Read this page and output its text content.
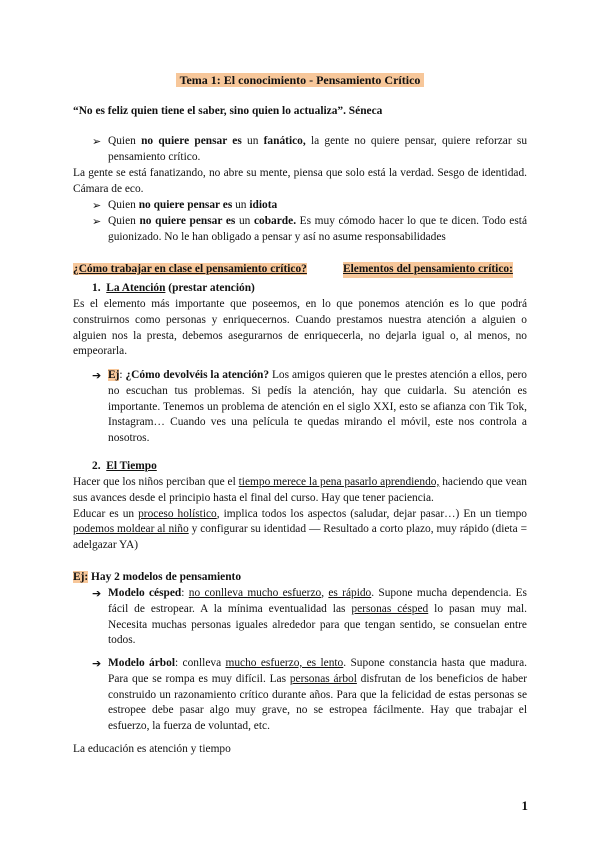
Tema 1: El conocimiento - Pensamiento Crítico
“No es feliz quien tiene el saber, sino quien lo actualiza”. Séneca
➢ Quien no quiere pensar es un fanático, la gente no quiere pensar, quiere reforzar su pensamiento crítico.
La gente se está fanatizando, no abre su mente, piensa que solo está la verdad. Sesgo de identidad. Cámara de eco.
➢ Quien no quiere pensar es un idiota
➢ Quien no quiere pensar es un cobarde. Es muy cómodo hacer lo que te dicen. Todo está guionizado. No le han obligado a pensar y así no asume responsabilidades
¿Cómo trabajar en clase el pensamiento crítico?	Elementos del pensamiento crítico:
1. La Atención (prestar atención)
Es el elemento más importante que poseemos, en lo que ponemos atención es lo que podrá construirnos como personas y enriquecernos. Cuando prestamos nuestra atención a alguien o alguien nos la presta, debemos asegurarnos de enriquecerla, no dejarla igual o, al menos, no empeorarla.
➔ Ej: ¿Cómo devolvéis la atención? Los amigos quieren que le prestes atención a ellos, pero no escuchan tus problemas. Si pedís la atención, hay que cuidarla. Su atención es importante. Tenemos un problema de atención en el siglo XXI, esto se afianza con Tik Tok, Instagram… Cuando ves una película te quedas mirando el móvil, este nos controla a nosotros.
2. El Tiempo
Hacer que los niños perciban que el tiempo merece la pena pasarlo aprendiendo, haciendo que vean sus avances desde el principio hasta el final del curso. Hay que tener paciencia.
Educar es un proceso holístico, implica todos los aspectos (saludar, dejar pasar…) En un tiempo podemos moldear al niño y configurar su identidad — Resultado a corto plazo, muy rápido (dieta = adelgazar YA)
Ej: Hay 2 modelos de pensamiento
➔ Modelo césped: no conlleva mucho esfuerzo, es rápido. Supone mucha dependencia. Es fácil de estropear. A la mínima eventualidad las personas césped lo pasan muy mal. Necesita muchas personas iguales alrededor para que tengan sentido, se consuelan entre todos.
➔ Modelo árbol: conlleva mucho esfuerzo, es lento. Supone constancia hasta que madura. Para que se rompa es muy difícil. Las personas árbol disfrutan de los beneficios de haber construido un razonamiento crítico durante años. Para que la felicidad de estas personas se estropee debe pasar algo muy grave, no se estropea fácilmente. Hay que trabajar el esfuerzo, la fuerza de voluntad, etc.
La educación es atención y tiempo
1
